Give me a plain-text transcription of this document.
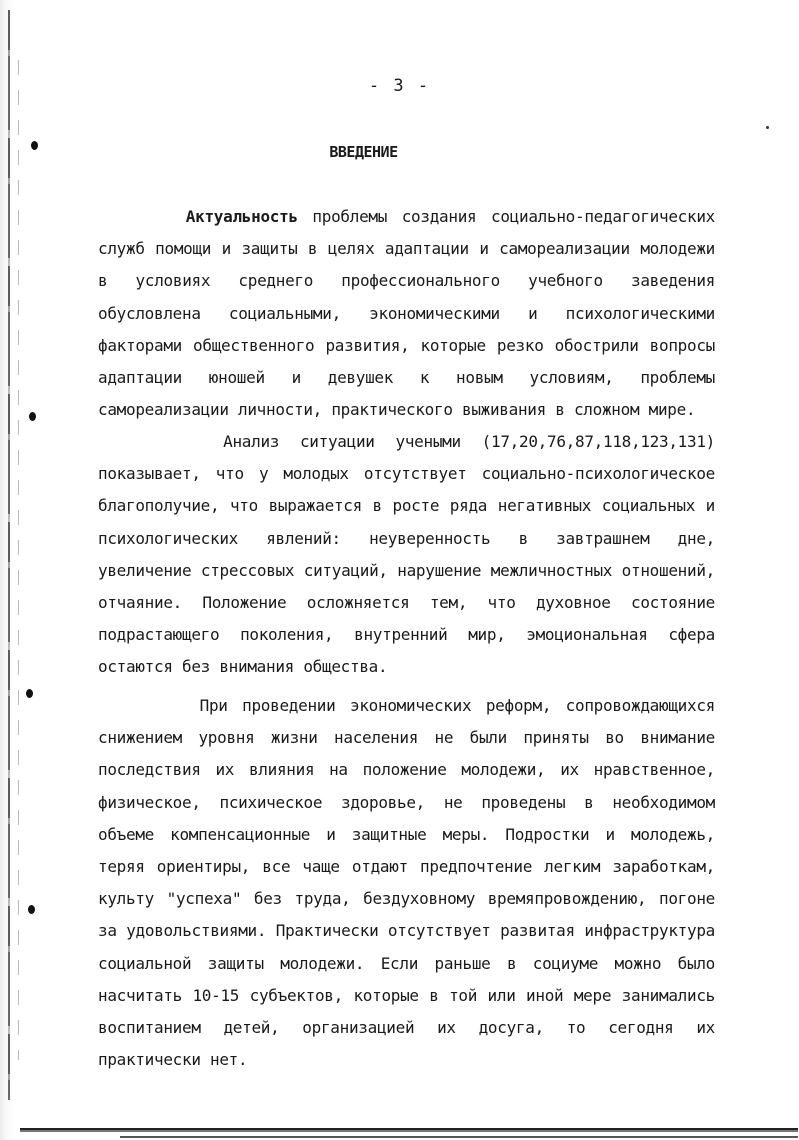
- 3 -
ВВЕДЕНИЕ
Актуальность проблемы создания социально-педагогических служб помощи и защиты в целях адаптации и самореализации молодежи в условиях среднего профессионального учебного заведения обусловлена социальными, экономическими и психологическими факторами общественного развития, которые резко обострили вопросы адаптации юношей и девушек к новым условиям, проблемы самореализации личности, практического выживания в сложном мире.
Анализ ситуации учеными (17,20,76,87,118,123,131) показывает, что у молодых отсутствует социально-психологическое благополучие, что выражается в росте ряда негативных социальных и психологических явлений: неуверенность в завтрашнем дне, увеличение стрессовых ситуаций, нарушение межличностных отношений, отчаяние. Положение осложняется тем, что духовное состояние подрастающего поколения, внутренний мир, эмоциональная сфера остаются без внимания общества.
При проведении экономических реформ, сопровождающихся снижением уровня жизни населения не были приняты во внимание последствия их влияния на положение молодежи, их нравственное, физическое, психическое здоровье, не проведены в необходимом объеме компенсационные и защитные меры. Подростки и молодежь, теряя ориентиры, все чаще отдают предпочтение легким заработкам, культу "успеха" без труда, бездуховному времяпровождению, погоне за удовольствиями. Практически отсутствует развитая инфраструктура социальной защиты молодежи. Если раньше в социуме можно было насчитать 10-15 субъектов, которые в той или иной мере занимались воспитанием детей, организацией их досуга, то сегодня их практически нет.
